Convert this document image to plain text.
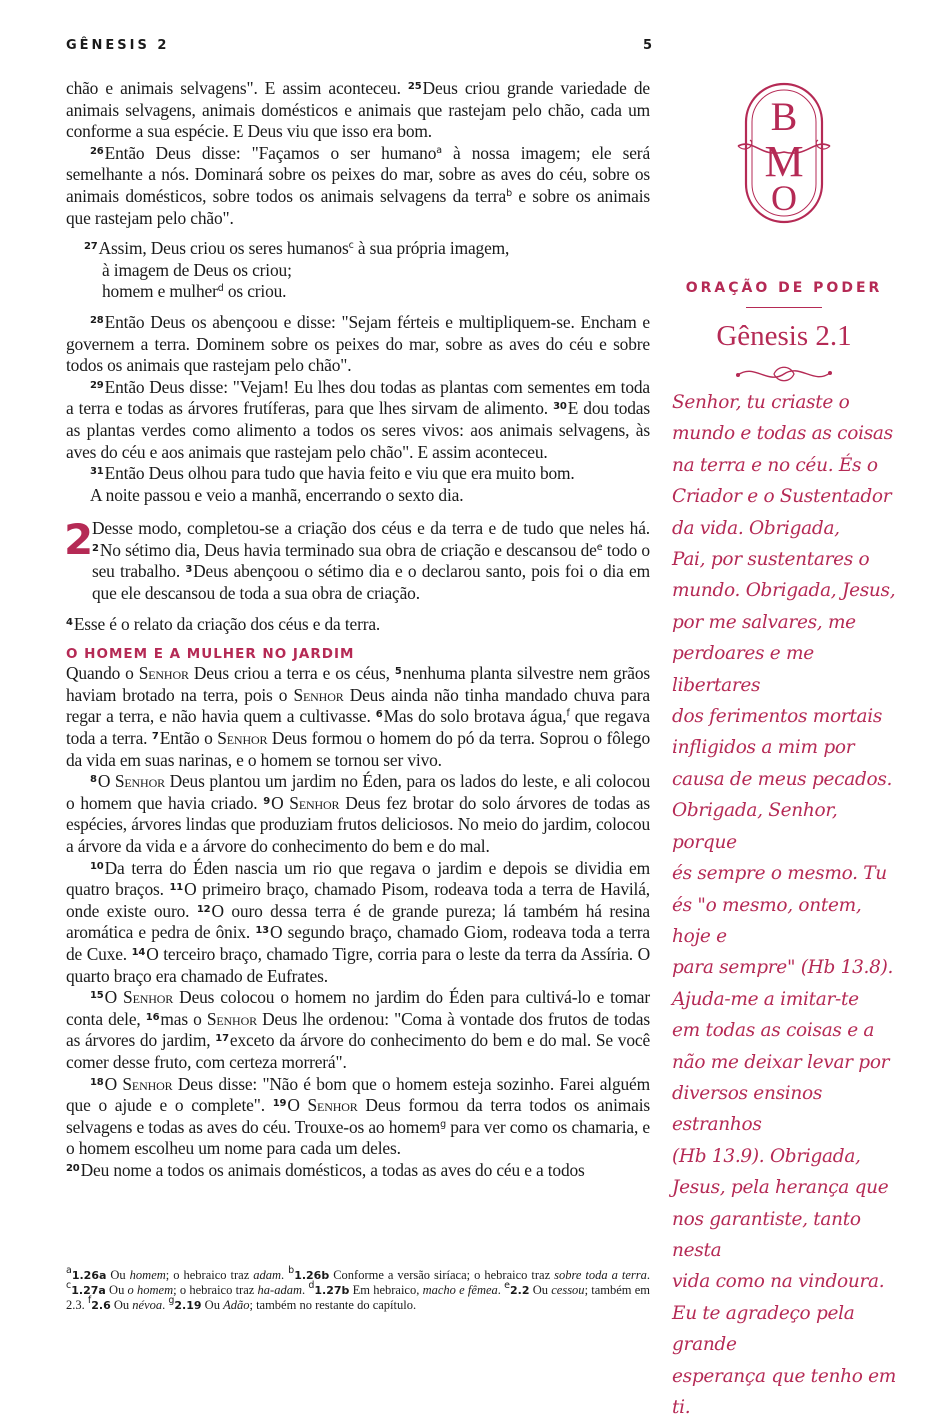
GÊNESIS 2	5

chão e animais selvagens". E assim aconteceu. $^{25}$Deus criou grande variedade de animais selvagens, animais domésticos e animais que rastejam pelo chão, cada um conforme a sua espécie. E Deus viu que isso era bom.

$^{26}$Então Deus disse: "Façamos o ser humano$^a$ à nossa imagem; ele será semelhante a nós. Dominará sobre os peixes do mar, sobre as aves do céu, sobre os animais domésticos, sobre todos os animais selvagens da terra$^b$ e sobre os animais que rastejam pelo chão".

$^{27}$Assim, Deus criou os seres humanos$^c$ à sua própria imagem,
à imagem de Deus os criou;
homem e mulher$^d$ os criou.

$^{28}$Então Deus os abençoou e disse: "Sejam férteis e multipliquem-se. Encham e governem a terra. Dominem sobre os peixes do mar, sobre as aves do céu e sobre todos os animais que rastejam pelo chão".

$^{29}$Então Deus disse: "Vejam! Eu lhes dou todas as plantas com sementes em toda a terra e todas as árvores frutíferas, para que lhes sirvam de alimento. $^{30}$E dou todas as plantas verdes como alimento a todos os seres vivos: aos animais selvagens, às aves do céu e aos animais que rastejam pelo chão". E assim aconteceu.

$^{31}$Então Deus olhou para tudo que havia feito e viu que era muito bom.

A noite passou e veio a manhã, encerrando o sexto dia.

2
Desse modo, completou-se a criação dos céus e da terra e de tudo que neles há. $^2$No sétimo dia, Deus havia terminado sua obra de criação e descansou $de^e$ todo o seu trabalho. $^3$Deus abençoou o sétimo dia e o declarou santo, pois foi o dia em que ele descansou de toda a sua obra de criação.

$^4$Esse é o relato da criação dos céus e da terra.

O HOMEM E A MULHER NO JARDIM

Quando o Senhor Deus criou a terra e os céus, $^5$nenhuma planta silvestre nem grãos haviam brotado na terra, pois o Senhor Deus ainda não tinha mandado chuva para regar a terra, e não havia quem a cultivasse. $^6$Mas do solo brotava água,$^f$ que regava toda a terra. $^7$Então o Senhor Deus formou o homem do pó da terra. Soprou o fôlego da vida em suas narinas, e o homem se tornou ser vivo.

$^8$O Senhor Deus plantou um jardim no Éden, para os lados do leste, e ali colocou o homem que havia criado. $^9$O Senhor Deus fez brotar do solo árvores de todas as espécies, árvores lindas que produziam frutos deliciosos. No meio do jardim, colocou a árvore da vida e a árvore do conhecimento do bem e do mal.

$^{10}$Da terra do Éden nascia um rio que regava o jardim e depois se dividia em quatro braços. $^{11}$O primeiro braço, chamado Pisom, rodeava toda a terra de Havilá, onde existe ouro. $^{12}$O ouro dessa terra é de grande pureza; lá também há resina aromática e pedra de ônix. $^{13}$O segundo braço, chamado Giom, rodeava toda a terra de Cuxe. $^{14}$O terceiro braço, chamado Tigre, corria para o leste da terra da Assíria. O quarto braço era chamado de Eufrates.

$^{15}$O Senhor Deus colocou o homem no jardim do Éden para cultivá-lo e tomar conta dele, $^{16}$mas o Senhor Deus lhe ordenou: "Coma à vontade dos frutos de todas as árvores do jardim, $^{17}$exceto da árvore do conhecimento do bem e do mal. Se você comer desse fruto, com certeza morrerá".

$^{18}$O Senhor Deus disse: "Não é bom que o homem esteja sozinho. Farei alguém que o ajude e o complete". $^{19}$O Senhor Deus formou da terra todos os animais selvagens e todas as aves do céu. Trouxe-os ao homem$^g$ para ver como os chamaria, e o homem escolheu um nome para cada um deles.

$^{20}$Deu nome a todos os animais domésticos, a todas as aves do céu e a todos

$^a$1.26a Ou homem; o hebraico traz adam. $^b$1.26b Conforme a versão siríaca; o hebraico traz sobre toda a terra. $^c$1.27a Ou o homem; o hebraico traz ha-adam. $^d$1.27b Em hebraico, macho e fêmea. $^e$2.2 Ou cessou; também em 2.3. $^f$2.6 Ou névoa. $^g$2.19 Ou Adão; também no restante do capítulo.
B
M
O
ORAÇÃO DE PODER
Gênesis 2.1
Senhor, tu criaste o
mundo e todas as coisas
na terra e no céu. És o
Criador e o Sustentador
da vida. Obrigada,
Pai, por sustentares o
mundo. Obrigada, Jesus,
por me salvares, me
perdoares e me libertares
dos ferimentos mortais
infligidos a mim por
causa de meus pecados.
Obrigada, Senhor, porque
és sempre o mesmo. Tu
és "o mesmo, ontem, hoje e
para sempre" (Hb 13.8).
Ajuda-me a imitar-te
em todas as coisas e a
não me deixar levar por
diversos ensinos estranhos
(Hb 13.9). Obrigada,
Jesus, pela herança que
nos garantiste, tanto nesta
vida como na vindoura.
Eu te agradeço pela grande
esperança que tenho em ti.
